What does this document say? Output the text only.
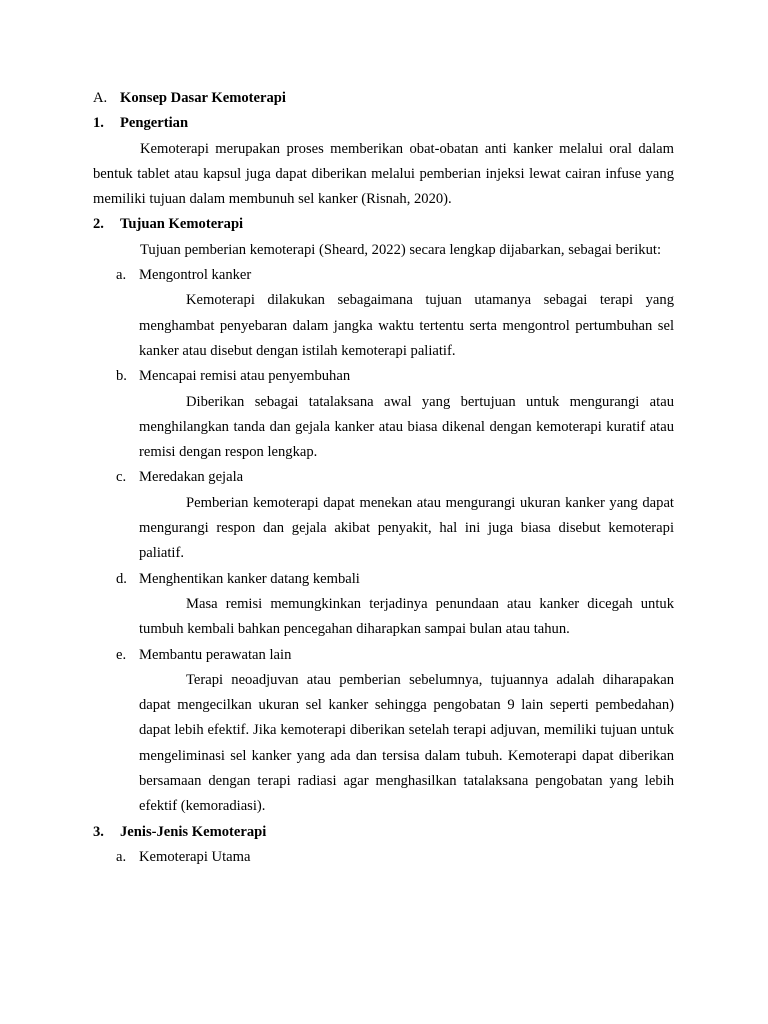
A. Konsep Dasar Kemoterapi
1.	Pengertian

Kemoterapi merupakan proses memberikan obat-obatan anti kanker melalui oral dalam bentuk tablet atau kapsul juga dapat diberikan melalui pemberian injeksi lewat cairan infuse yang memiliki tujuan dalam membunuh sel kanker (Risnah, 2020).

2.	Tujuan Kemoterapi

Tujuan pemberian kemoterapi (Sheard, 2022) secara lengkap dijabarkan, sebagai berikut:

a. Mengontrol kanker

Kemoterapi dilakukan sebagaimana tujuan utamanya sebagai terapi yang menghambat penyebaran dalam jangka waktu tertentu serta mengontrol pertumbuhan sel kanker atau disebut dengan istilah kemoterapi paliatif.

b. Mencapai remisi atau penyembuhan

Diberikan sebagai tatalaksana awal yang bertujuan untuk mengurangi atau menghilangkan tanda dan gejala kanker atau biasa dikenal dengan kemoterapi kuratif atau remisi dengan respon lengkap.

c. Meredakan gejala

Pemberian kemoterapi dapat menekan atau mengurangi ukuran kanker yang dapat mengurangi respon dan gejala akibat penyakit, hal ini juga biasa disebut kemoterapi paliatif.

d. Menghentikan kanker datang kembali

Masa remisi memungkinkan terjadinya penundaan atau kanker dicegah untuk tumbuh kembali bahkan pencegahan diharapkan sampai bulan atau tahun.

e. Membantu perawatan lain

Terapi neoadjuvan atau pemberian sebelumnya, tujuannya adalah diharapakan dapat mengecilkan ukuran sel kanker sehingga pengobatan 9 lain seperti pembedahan) dapat lebih efektif. Jika kemoterapi diberikan setelah terapi adjuvan, memiliki tujuan untuk mengeliminasi sel kanker yang ada dan tersisa dalam tubuh. Kemoterapi dapat diberikan bersamaan dengan terapi radiasi agar menghasilkan tatalaksana pengobatan yang lebih efektif (kemoradiasi).

3.	Jenis-Jenis Kemoterapi
a. Kemoterapi Utama
